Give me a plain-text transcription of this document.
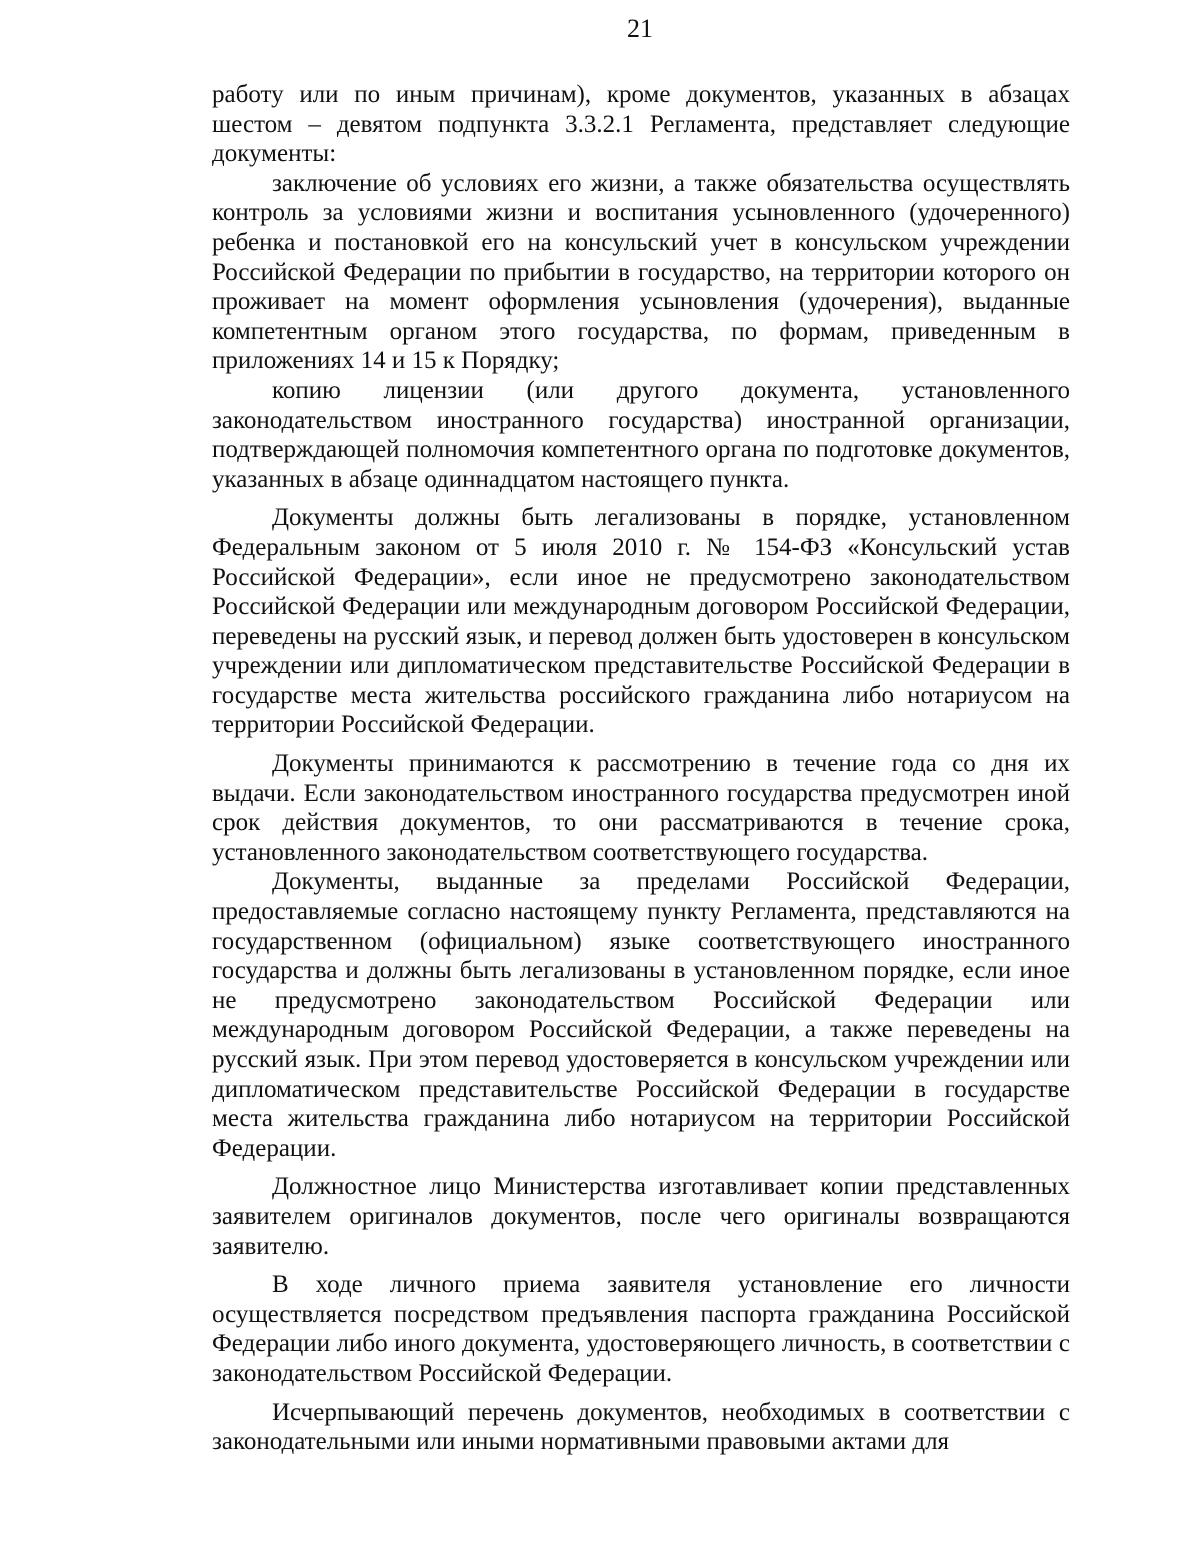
21

работу или по иным причинам), кроме документов, указанных в абзацах шестом – девятом подпункта 3.3.2.1 Регламента, представляет следующие документы:

заключение об условиях его жизни, а также обязательства осуществлять контроль за условиями жизни и воспитания усыновленного (удочеренного) ребенка и постановкой его на консульский учет в консульском учреждении Российской Федерации по прибытии в государство, на территории которого он проживает на момент оформления усыновления (удочерения), выданные компетентным органом этого государства, по формам, приведенным в приложениях 14 и 15 к Порядку;

копию лицензии (или другого документа, установленного законодательством иностранного государства) иностранной организации, подтверждающей полномочия компетентного органа по подготовке документов, указанных в абзаце одиннадцатом настоящего пункта.

Документы должны быть легализованы в порядке, установленном Федеральным законом от 5 июля 2010 г. № 154-ФЗ «Консульский устав Российской Федерации», если иное не предусмотрено законодательством Российской Федерации или международным договором Российской Федерации, переведены на русский язык, и перевод должен быть удостоверен в консульском учреждении или дипломатическом представительстве Российской Федерации в государстве места жительства российского гражданина либо нотариусом на территории Российской Федерации.

Документы принимаются к рассмотрению в течение года со дня их выдачи. Если законодательством иностранного государства предусмотрен иной срок действия документов, то они рассматриваются в течение срока, установленного законодательством соответствующего государства.

Документы, выданные за пределами Российской Федерации, предоставляемые согласно настоящему пункту Регламента, представляются на государственном (официальном) языке соответствующего иностранного государства и должны быть легализованы в установленном порядке, если иное не предусмотрено законодательством Российской Федерации или международным договором Российской Федерации, а также переведены на русский язык. При этом перевод удостоверяется в консульском учреждении или дипломатическом представительстве Российской Федерации в государстве места жительства гражданина либо нотариусом на территории Российской Федерации.

Должностное лицо Министерства изготавливает копии представленных заявителем оригиналов документов, после чего оригиналы возвращаются заявителю.

В ходе личного приема заявителя установление его личности осуществляется посредством предъявления паспорта гражданина Российской Федерации либо иного документа, удостоверяющего личность, в соответствии с законодательством Российской Федерации.

Исчерпывающий перечень документов, необходимых в соответствии с законодательными или иными нормативными правовыми актами для
